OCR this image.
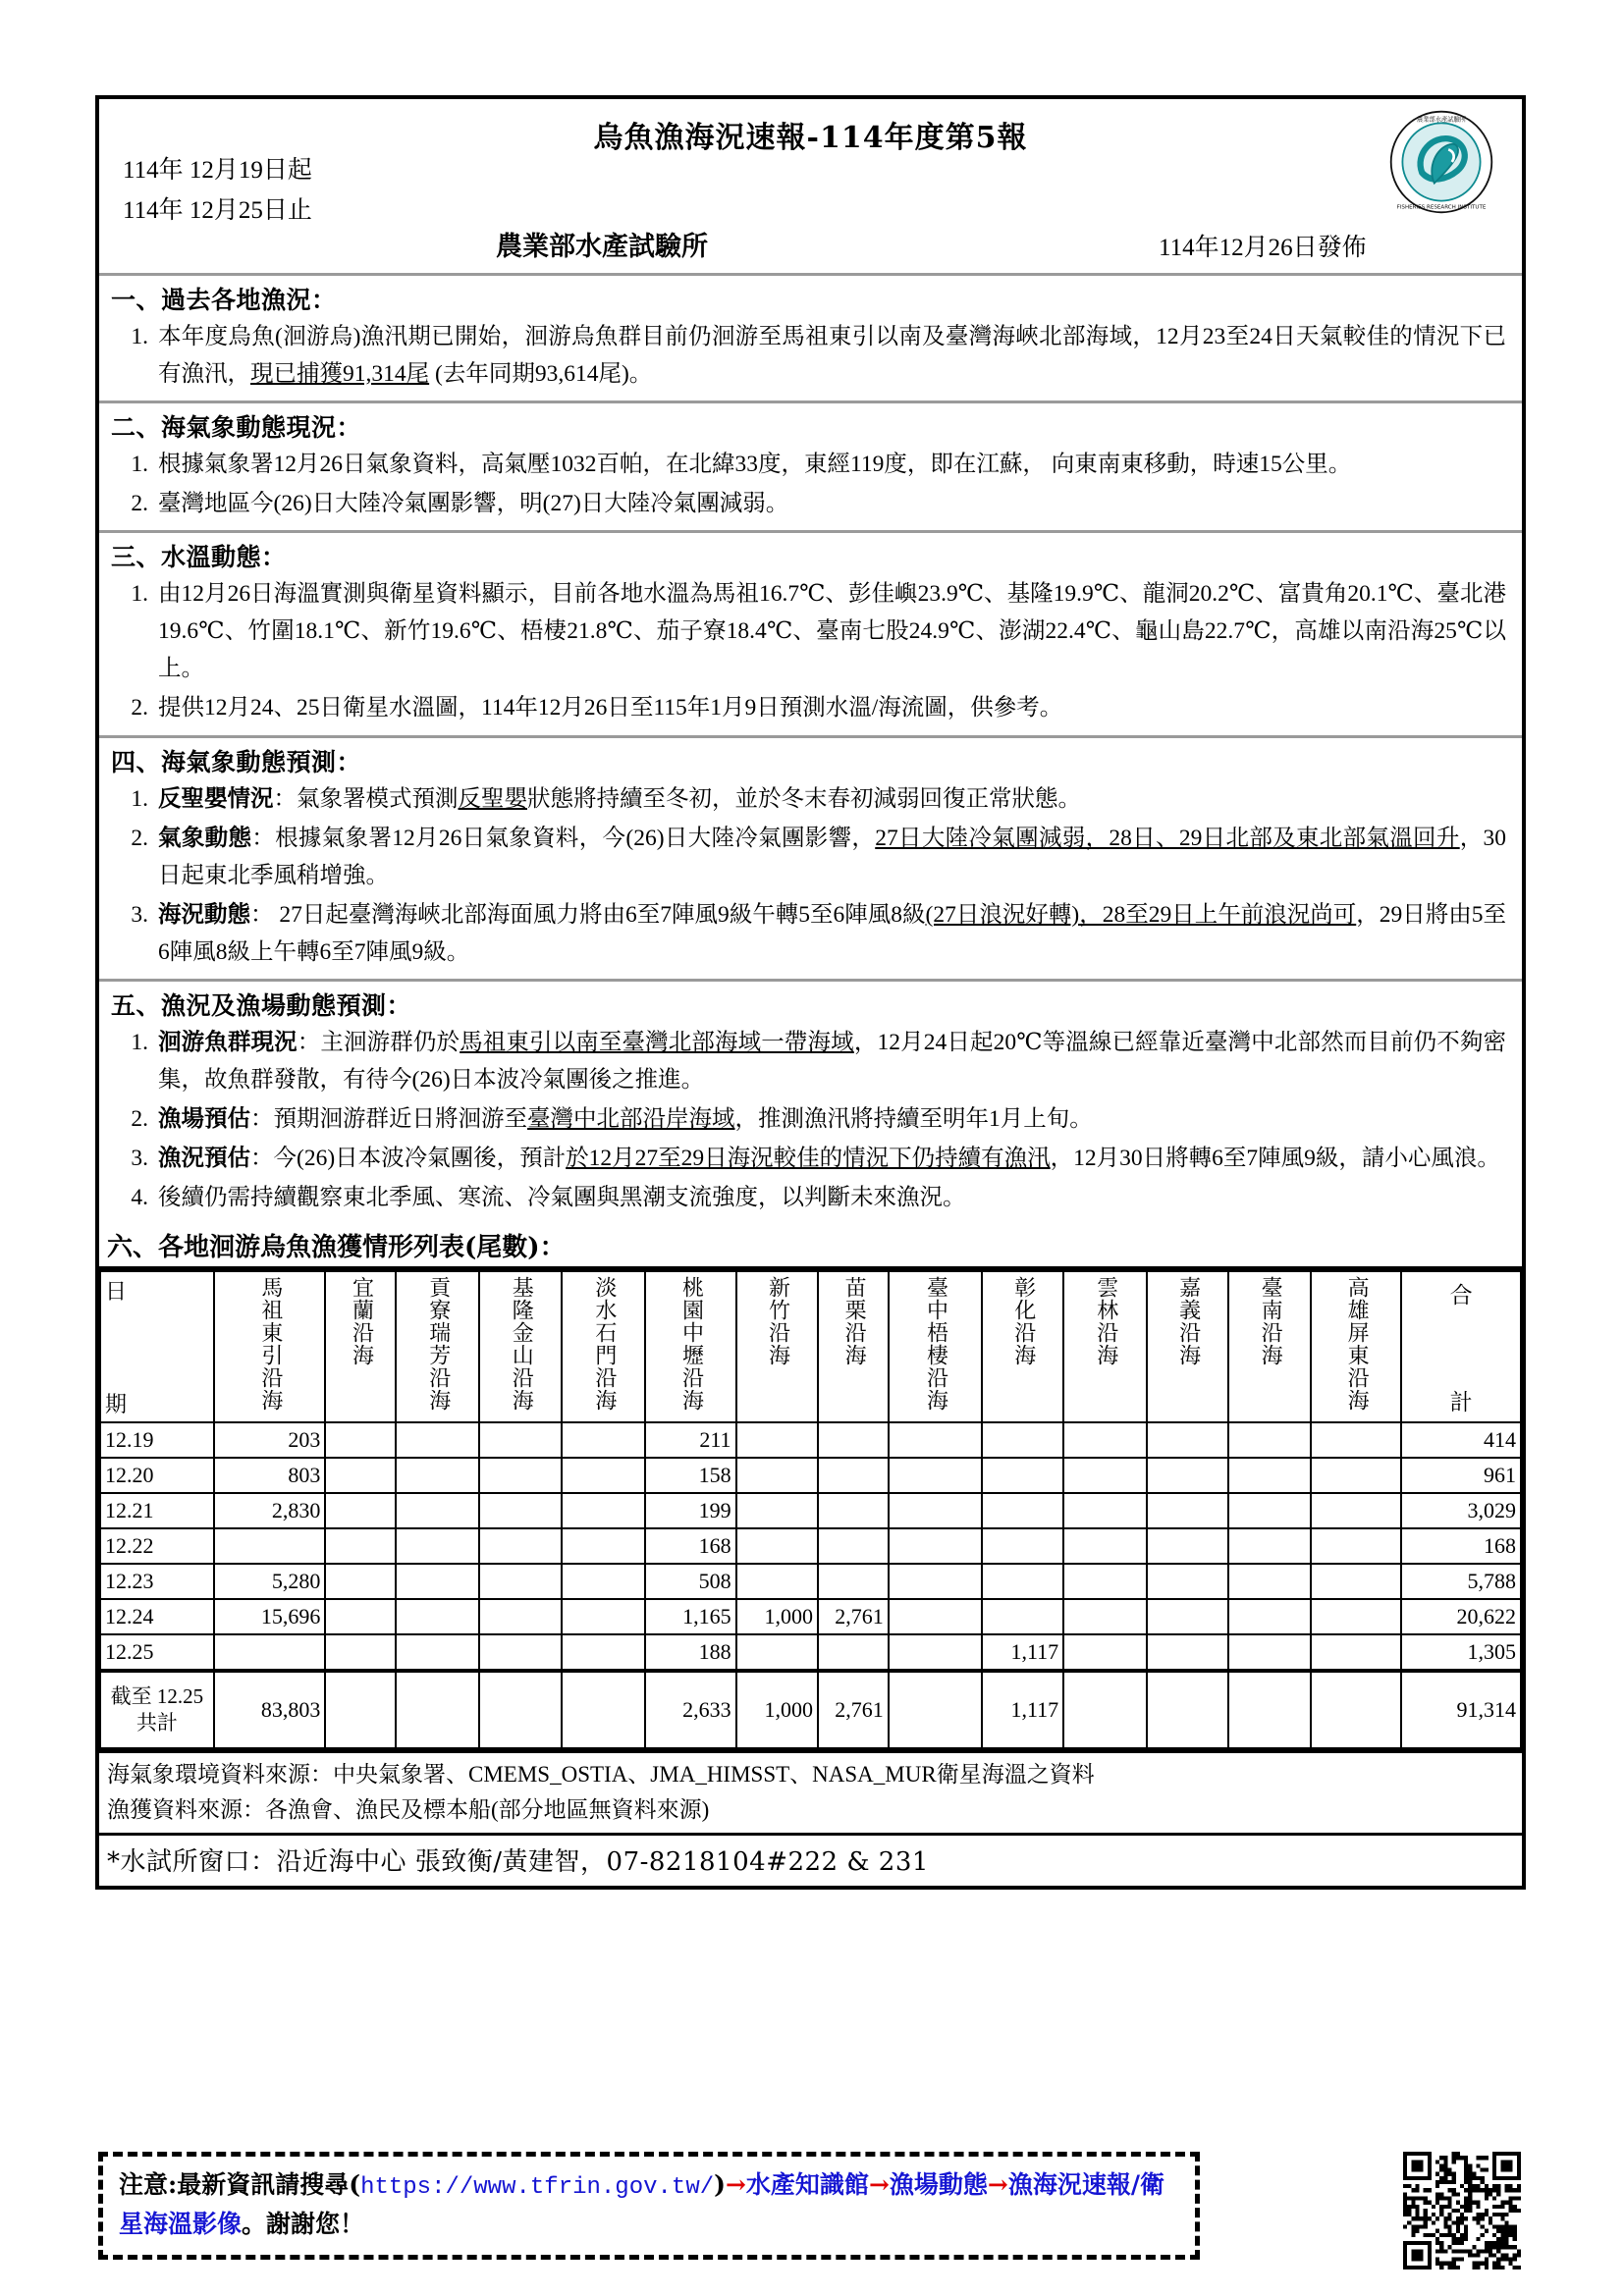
烏魚漁海況速報-114年度第5報
114年 12月19日起
114年 12月25日止

農業部水產試驗所	114年12月26日發佈
農業部水產試驗所
FISHERIES RESEARCH INSTITUTE
一、過去各地漁況：
1. 本年度烏魚(洄游烏)漁汛期已開始，洄游烏魚群目前仍洄游至馬祖東引以南及臺灣海峽北部海域，12月23至24日天氣較佳的情況下已有漁汛，現已捕獲91,314尾 (去年同期93,614尾)。
二、海氣象動態現況：
1. 根據氣象署12月26日氣象資料，高氣壓1032百帕，在北緯33度，東經119度，即在江蘇， 向東南東移動，時速15公里。
2. 臺灣地區今(26)日大陸冷氣團影響，明(27)日大陸冷氣團減弱。
三、水溫動態：
1. 由12月26日海溫實測與衛星資料顯示，目前各地水溫為馬祖16.7℃、彭佳嶼23.9℃、基隆19.9℃、龍洞20.2℃、富貴角20.1℃、臺北港19.6℃、竹圍18.1℃、新竹19.6℃、梧棲21.8℃、茄子寮18.4℃、臺南七股24.9℃、澎湖22.4℃、龜山島22.7℃，高雄以南沿海25℃以上。
2. 提供12月24、25日衛星水溫圖，114年12月26日至115年1月9日預測水溫/海流圖，供參考。
四、海氣象動態預測：
1. 反聖嬰情況：氣象署模式預測反聖嬰狀態將持續至冬初，並於冬末春初減弱回復正常狀態。
2. 氣象動態：根據氣象署12月26日氣象資料，今(26)日大陸冷氣團影響，27日大陸冷氣團減弱，28日、29日北部及東北部氣溫回升，30日起東北季風稍增強。
3. 海況動態： 27日起臺灣海峽北部海面風力將由6至7陣風9級午轉5至6陣風8級(27日浪況好轉)，28至29日上午前浪況尚可，29日將由5至6陣風8級上午轉6至7陣風9級。
五、漁況及漁場動態預測：
1. 洄游魚群現況：主洄游群仍於馬祖東引以南至臺灣北部海域一帶海域，12月24日起20℃等溫線已經靠近臺灣中北部然而目前仍不夠密集，故魚群發散，有待今(26)日本波冷氣團後之推進。
2. 漁場預估：預期洄游群近日將洄游至臺灣中北部沿岸海域，推測漁汛將持續至明年1月上旬。
3. 漁況預估：今(26)日本波冷氣團後，預計於12月27至29日海況較佳的情況下仍持續有漁汛，12月30日將轉6至7陣風9級，請小心風浪。
4. 後續仍需持續觀察東北季風、寒流、冷氣團與黑潮支流強度，以判斷未來漁況。
六、各地洄游烏魚漁獲情形列表(尾數)：
日
期	馬祖東引沿海	宜蘭沿海	貢寮瑞芳沿海	基隆金山沿海	淡水石門沿海	桃園中壢沿海	新竹沿海	苗栗沿海	臺中梧棲沿海	彰化沿海	雲林沿海	嘉義沿海	臺南沿海	高雄屏東沿海	合
計

12.19	203					211									414
12.20	803					158									961
12.21	2,830					199									3,029
12.22						168									168
12.23	5,280					508									5,788
12.24	15,696					1,165	1,000	2,761							20,622
12.25						188				1,117					1,305

截至 12.25
共計	83,803					2,633	1,000	2,761		1,117					91,314
海氣象環境資料來源：中央氣象署、CMEMS_OSTIA、JMA_HIMSST、NASA_MUR衛星海溫之資料
漁獲資料來源：各漁會、漁民及標本船(部分地區無資料來源)
*水試所窗口：沿近海中心 張致衡/黃建智，07-8218104#222 & 231
注意:最新資訊請搜尋(https://www.tfrin.gov.tw/)→水產知識館→漁場動態→漁海況速報/衛星海溫影像。謝謝您！
